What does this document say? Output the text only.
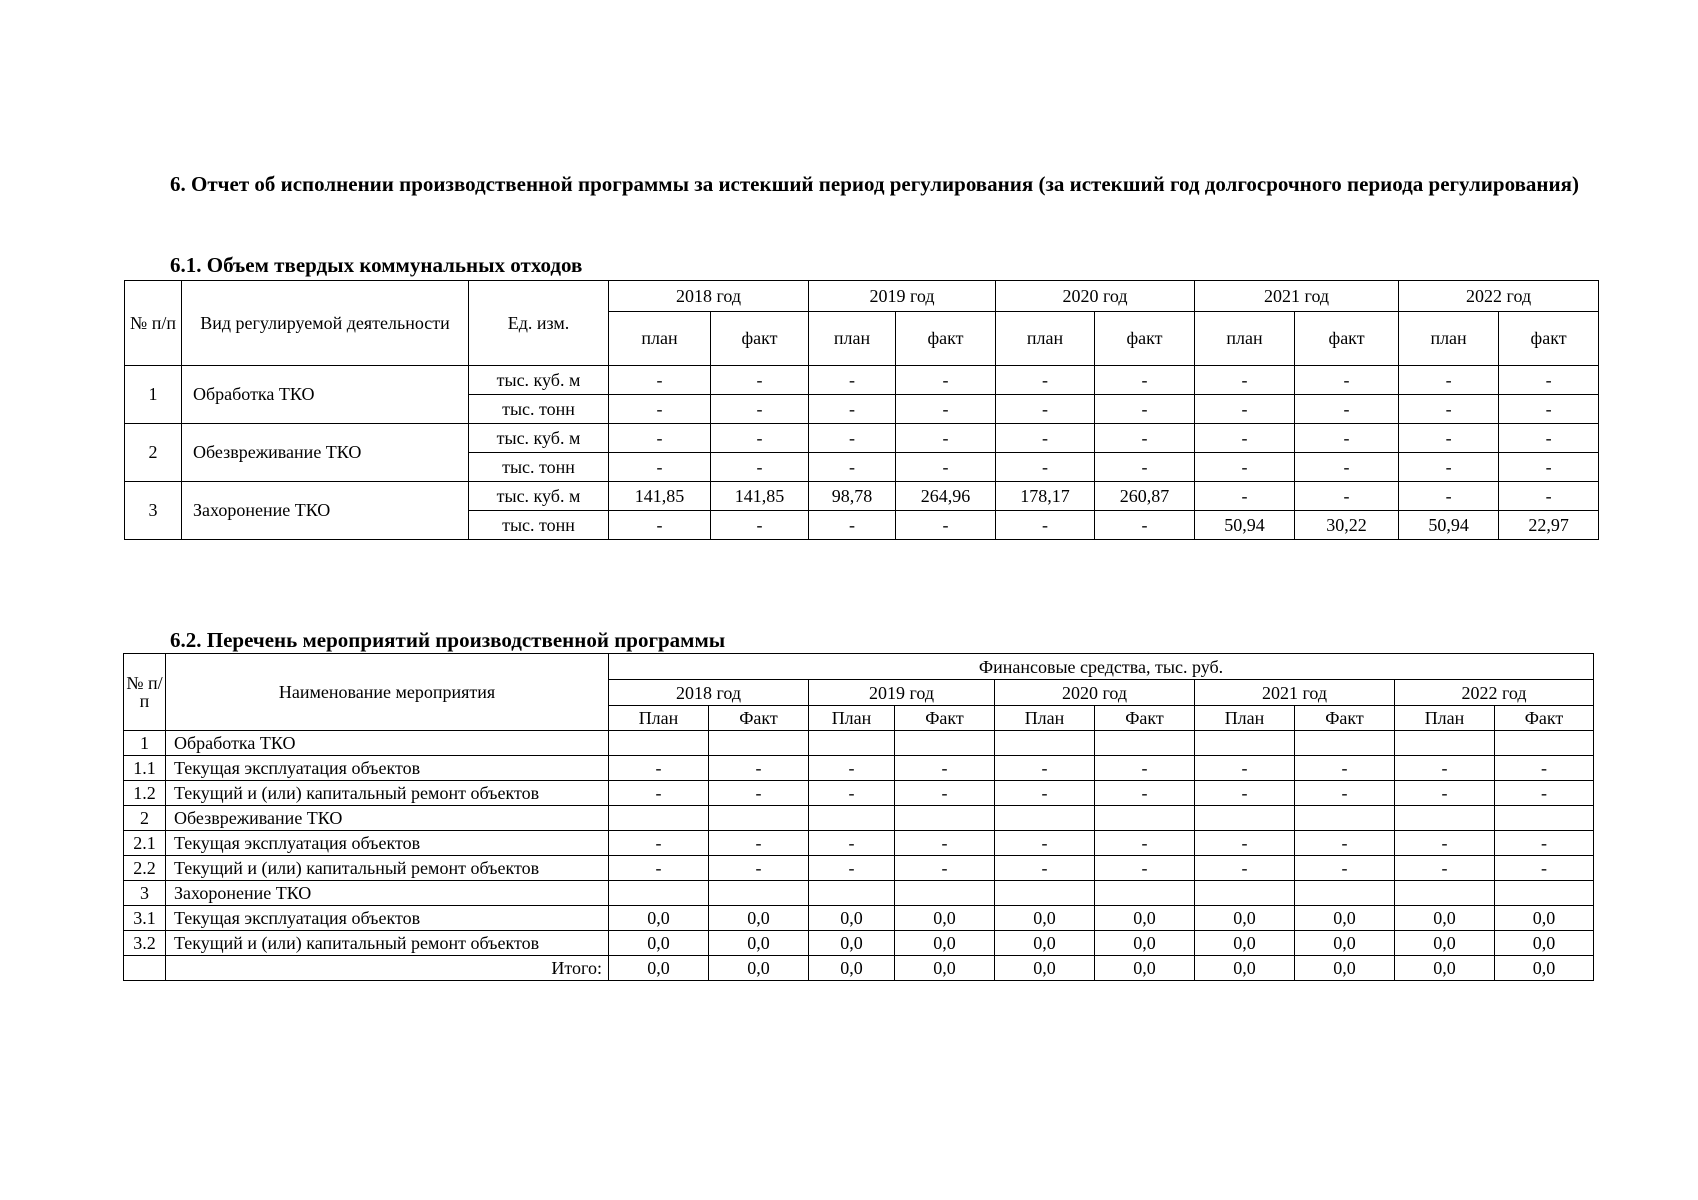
6. Отчет об исполнении производственной программы за истекший период регулирования (за истекший год долгосрочного периода регулирования)
6.1. Объем твердых коммунальных отходов
№ п/п	Вид регулируемой деятельности	Ед. изм.	2018 год		2019 год		2020 год		2021 год		2022 год	
			план	факт	план	факт	план	факт	план	факт	план	факт
1	Обработка ТКО	тыс. куб. м	-	-	-	-	-	-	-	-	-	-
		тыс. тонн	-	-	-	-	-	-	-	-	-	-
2	Обезвреживание ТКО	тыс. куб. м	-	-	-	-	-	-	-	-	-	-
		тыс. тонн	-	-	-	-	-	-	-	-	-	-
3	Захоронение ТКО	тыс. куб. м	141,85	141,85	98,78	264,96	178,17	260,87	-	-	-	-
		тыс. тонн	-	-	-	-	-	-	50,94	30,22	50,94	22,97
6.2. Перечень мероприятий производственной программы
№ п/п	Наименование мероприятия	Финансовые средства, тыс. руб.									
		2018 год		2019 год		2020 год		2021 год		2022 год	
		План	Факт	План	Факт	План	Факт	План	Факт	План	Факт
1	Обработка ТКО										
1.1	Текущая эксплуатация объектов	-	-	-	-	-	-	-	-	-	-
1.2	Текущий и (или) капитальный ремонт объектов	-	-	-	-	-	-	-	-	-	-
2	Обезвреживание ТКО										
2.1	Текущая эксплуатация объектов	-	-	-	-	-	-	-	-	-	-
2.2	Текущий и (или) капитальный ремонт объектов	-	-	-	-	-	-	-	-	-	-
3	Захоронение ТКО										
3.1	Текущая эксплуатация объектов	0,0	0,0	0,0	0,0	0,0	0,0	0,0	0,0	0,0	0,0
3.2	Текущий и (или) капитальный ремонт объектов	0,0	0,0	0,0	0,0	0,0	0,0	0,0	0,0	0,0	0,0
	Итого:	0,0	0,0	0,0	0,0	0,0	0,0	0,0	0,0	0,0	0,0
